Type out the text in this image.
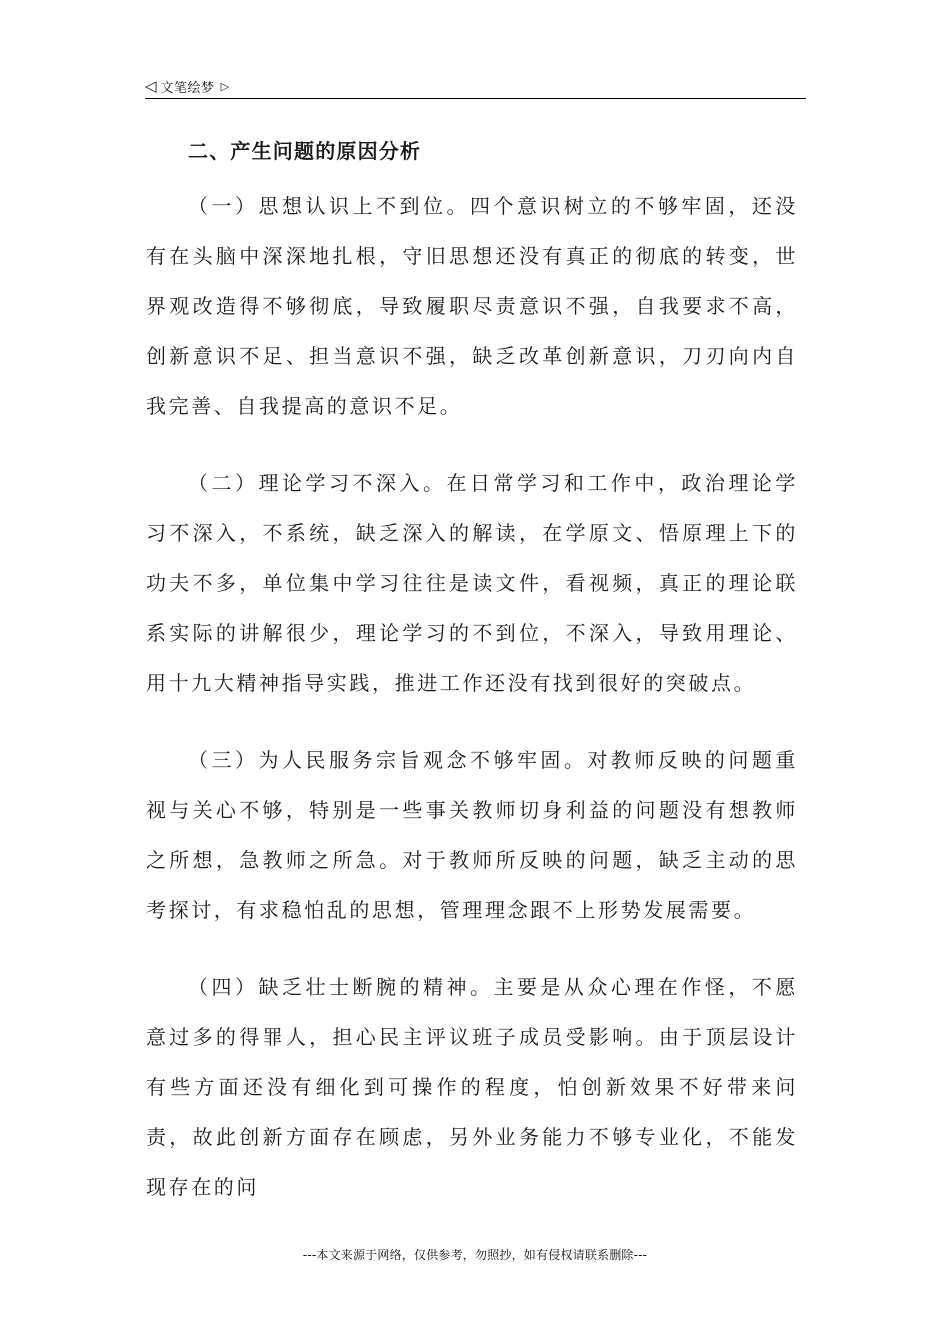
◁ 文笔绘梦 ▷
二、产生问题的原因分析

（一）思想认识上不到位。四个意识树立的不够牢固，还没有在头脑中深深地扎根，守旧思想还没有真正的彻底的转变，世界观改造得不够彻底，导致履职尽责意识不强，自我要求不高，创新意识不足、担当意识不强，缺乏改革创新意识，刀刃向内自我完善、自我提高的意识不足。

（二）理论学习不深入。在日常学习和工作中，政治理论学习不深入，不系统，缺乏深入的解读，在学原文、悟原理上下的功夫不多，单位集中学习往往是读文件，看视频，真正的理论联系实际的讲解很少，理论学习的不到位，不深入，导致用理论、用十九大精神指导实践，推进工作还没有找到很好的突破点。

（三）为人民服务宗旨观念不够牢固。对教师反映的问题重视与关心不够，特别是一些事关教师切身利益的问题没有想教师之所想，急教师之所急。对于教师所反映的问题，缺乏主动的思考探讨，有求稳怕乱的思想，管理理念跟不上形势发展需要。

（四）缺乏壮士断腕的精神。主要是从众心理在作怪，不愿意过多的得罪人，担心民主评议班子成员受影响。由于顶层设计有些方面还没有细化到可操作的程度，怕创新效果不好带来问责，故此创新方面存在顾虑，另外业务能力不够专业化，不能发现存在的问

---本文来源于网络，仅供参考，勿照抄，如有侵权请联系删除---
